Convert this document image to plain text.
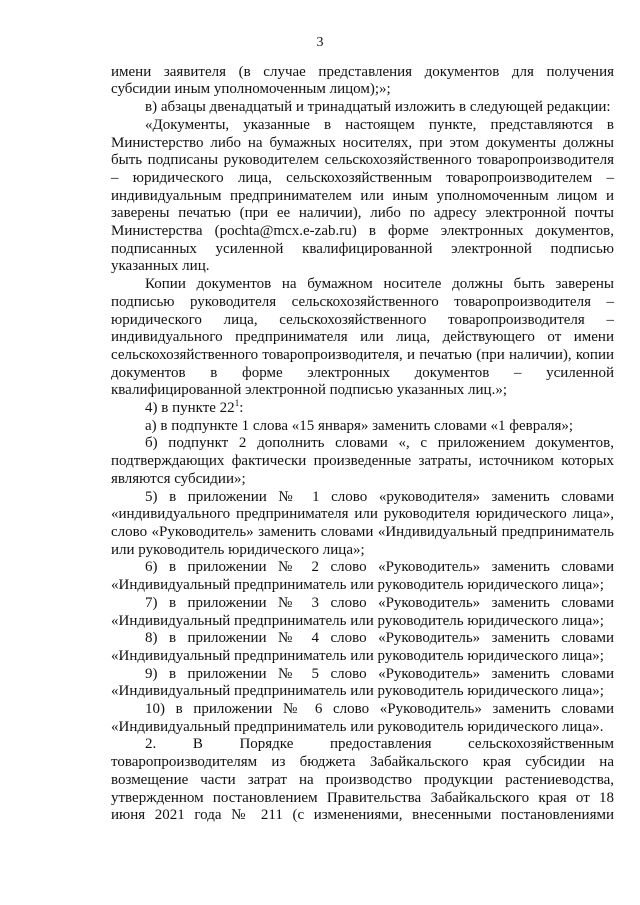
3

имени заявителя (в случае представления документов для получения субсидии иным уполномоченным лицом);»;

в) абзацы двенадцатый и тринадцатый изложить в следующей редакции:

«Документы, указанные в настоящем пункте, представляются в Министерство либо на бумажных носителях, при этом документы должны быть подписаны руководителем сельскохозяйственного товаропроизводителя – юридического лица, сельскохозяйственным товаропроизводителем – индивидуальным предпринимателем или иным уполномоченным лицом и заверены печатью (при ее наличии), либо по адресу электронной почты Министерства (pochta@mcx.e-zab.ru) в форме электронных документов, подписанных усиленной квалифицированной электронной подписью указанных лиц.

Копии документов на бумажном носителе должны быть заверены подписью руководителя сельскохозяйственного товаропроизводителя – юридического лица, сельскохозяйственного товаропроизводителя – индивидуального предпринимателя или лица, действующего от имени сельскохозяйственного товаропроизводителя, и печатью (при наличии), копии документов в форме электронных документов – усиленной квалифицированной электронной подписью указанных лиц.»;

4) в пункте $22^1$:

а) в подпункте 1 слова «15 января» заменить словами «1 февраля»;

б) подпункт 2 дополнить словами «, с приложением документов, подтверждающих фактически произведенные затраты, источником которых являются субсидии»;

5) в приложении № 1 слово «руководителя» заменить словами «индивидуального предпринимателя или руководителя юридического лица», слово «Руководитель» заменить словами «Индивидуальный предприниматель или руководитель юридического лица»;

6) в приложении № 2 слово «Руководитель» заменить словами «Индивидуальный предприниматель или руководитель юридического лица»;

7) в приложении № 3 слово «Руководитель» заменить словами «Индивидуальный предприниматель или руководитель юридического лица»;

8) в приложении № 4 слово «Руководитель» заменить словами «Индивидуальный предприниматель или руководитель юридического лица»;

9) в приложении № 5 слово «Руководитель» заменить словами «Индивидуальный предприниматель или руководитель юридического лица»;

10) в приложении № 6 слово «Руководитель» заменить словами «Индивидуальный предприниматель или руководитель юридического лица».

2. В Порядке предоставления сельскохозяйственным товаропроизводителям из бюджета Забайкальского края субсидии на возмещение части затрат на производство продукции растениеводства, утвержденном постановлением Правительства Забайкальского края от 18 июня 2021 года № 211 (с изменениями, внесенными постановлениями
